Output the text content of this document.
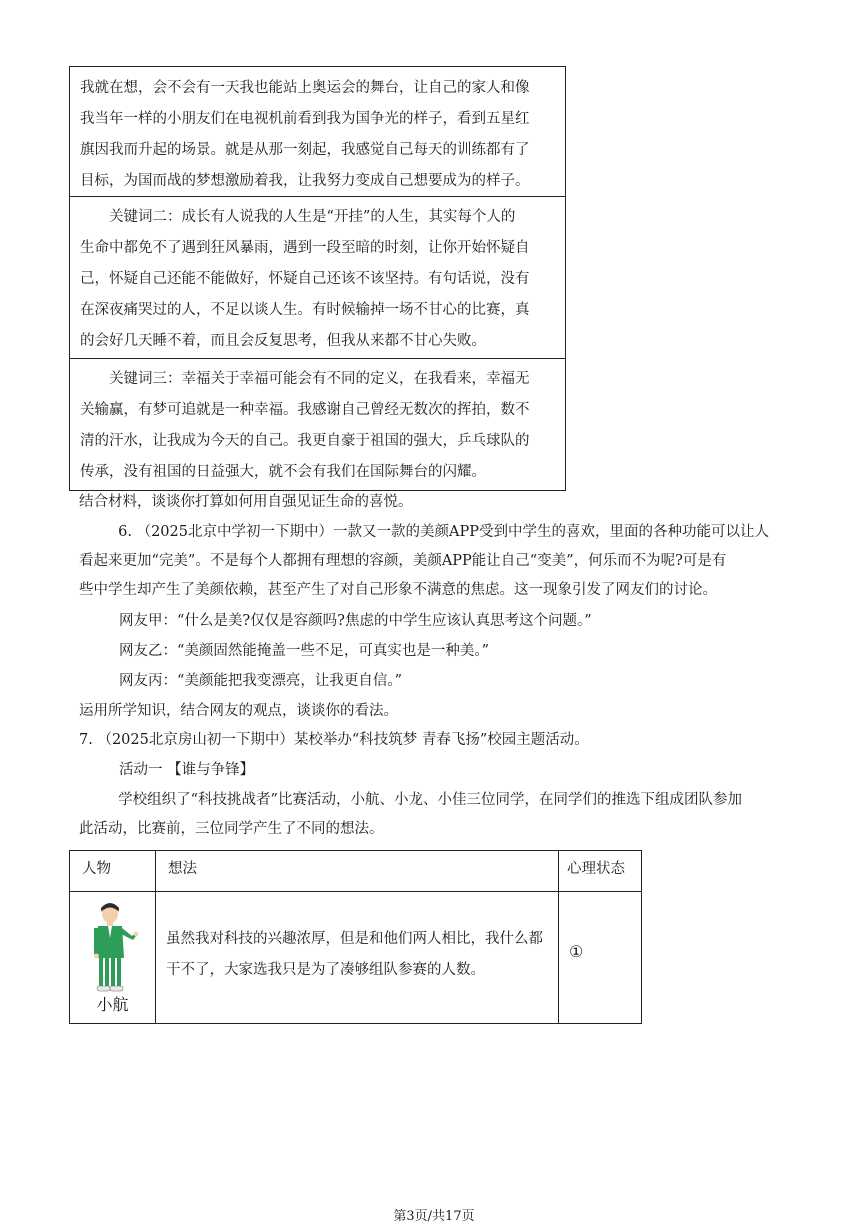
我就在想，会不会有一天我也能站上奥运会的舞台，让自己的家人和像

我当年一样的小朋友们在电视机前看到我为国争光的样子，看到五星红

旗因我而升起的场景。就是从那一刻起，我感觉自己每天的训练都有了

目标，为国而战的梦想激励着我，让我努力变成自己想要成为的样子。

关键词二：成长有人说我的人生是“开挂”的人生，其实每个人的

生命中都免不了遇到狂风暴雨，遇到一段至暗的时刻，让你开始怀疑自

己，怀疑自己还能不能做好，怀疑自己还该不该坚持。有句话说，没有

在深夜痛哭过的人，不足以谈人生。有时候输掉一场不甘心的比赛，真

的会好几天睡不着，而且会反复思考，但我从来都不甘心失败。

关键词三：幸福关于幸福可能会有不同的定义，在我看来，幸福无

关输赢，有梦可追就是一种幸福。我感谢自己曾经无数次的挥拍，数不

清的汗水，让我成为今天的自己。我更自豪于祖国的强大，乒乓球队的

传承，没有祖国的日益强大，就不会有我们在国际舞台的闪耀。

结合材料，谈谈你打算如何用自强见证生命的喜悦。

6. （2025北京中学初一下期中）一款又一款的美颜APP受到中学生的喜欢，里面的各种功能可以让人

看起来更加“完美”。不是每个人都拥有理想的容颜，美颜APP能让自己“变美”，何乐而不为呢?可是有

些中学生却产生了美颜依赖，甚至产生了对自己形象不满意的焦虑。这一现象引发了网友们的讨论。

网友甲：“什么是美?仅仅是容颜吗?焦虑的中学生应该认真思考这个问题。”
网友乙：“美颜固然能掩盖一些不足，可真实也是一种美。”
网友丙：“美颜能把我变漂亮，让我更自信。”
运用所学知识，结合网友的观点，谈谈你的看法。
7. （2025北京房山初一下期中）某校举办“科技筑梦 青春飞扬”校园主题活动。
活动一 【谁与争锋】

学校组织了“科技挑战者”比赛活动，小航、小龙、小佳三位同学，在同学们的推选下组成团队参加

此活动，比赛前，三位同学产生了不同的想法。

人物	想法	心理状态

小航	虽然我对科技的兴趣浓厚，但是和他们两人相比，我什么都干不了，大家选我只是为了凑够组队参赛的人数。	①
第3页/共17页
